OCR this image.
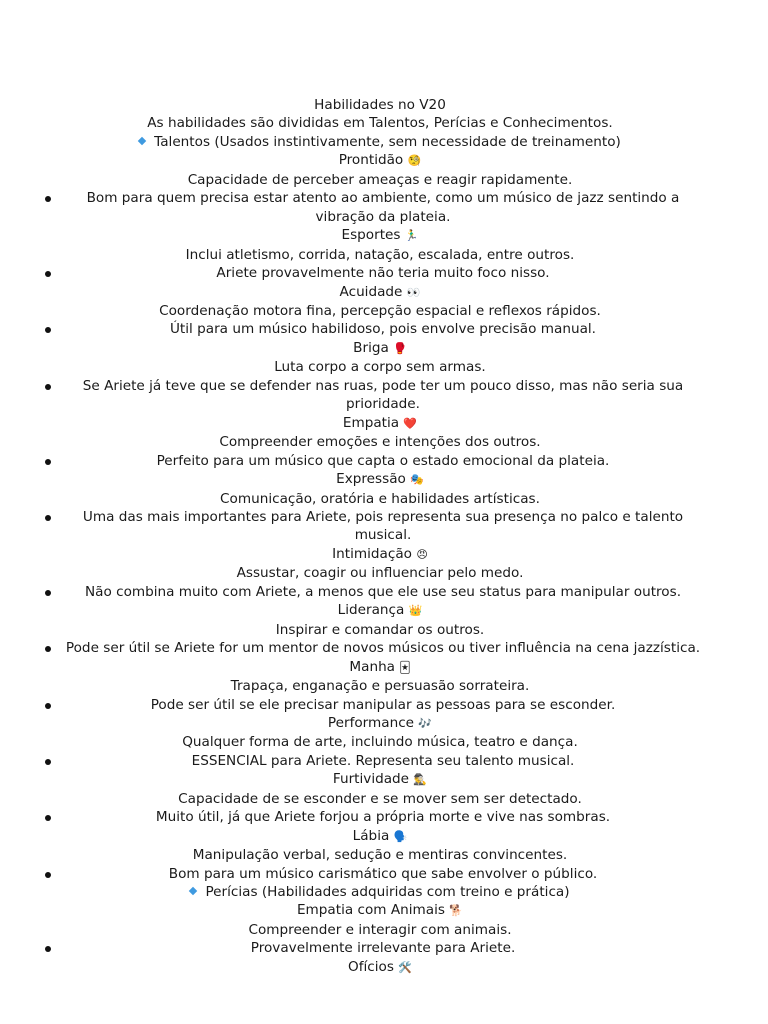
Habilidades no V20
As habilidades são divididas em Talentos, Perícias e Conhecimentos.
Talentos (Usados instintivamente, sem necessidade de treinamento)
Prontidão 🧐
Capacidade de perceber ameaças e reagir rapidamente.
Bom para quem precisa estar atento ao ambiente, como um músico de jazz sentindo a vibração da plateia.
Esportes 🏃‍♂️
Inclui atletismo, corrida, natação, escalada, entre outros.
Ariete provavelmente não teria muito foco nisso.
Acuidade 👀
Coordenação motora fina, percepção espacial e reflexos rápidos.
Útil para um músico habilidoso, pois envolve precisão manual.
Briga 🥊
Luta corpo a corpo sem armas.
Se Ariete já teve que se defender nas ruas, pode ter um pouco disso, mas não seria sua prioridade.
Empatia ❤️
Compreender emoções e intenções dos outros.
Perfeito para um músico que capta o estado emocional da plateia.
Expressão 🎭
Comunicação, oratória e habilidades artísticas.
Uma das mais importantes para Ariete, pois representa sua presença no palco e talento musical.
Intimidação 😠
Assustar, coagir ou influenciar pelo medo.
Não combina muito com Ariete, a menos que ele use seu status para manipular outros.
Liderança 👑
Inspirar e comandar os outros.
Pode ser útil se Ariete for um mentor de novos músicos ou tiver influência na cena jazzística.
Manha 🃏
Trapaça, enganação e persuasão sorrateira.
Pode ser útil se ele precisar manipular as pessoas para se esconder.
Performance 🎶
Qualquer forma de arte, incluindo música, teatro e dança.
ESSENCIAL para Ariete. Representa seu talento musical.
Furtividade 🕵️‍♂️
Capacidade de se esconder e se mover sem ser detectado.
Muito útil, já que Ariete forjou a própria morte e vive nas sombras.
Lábia 🗣️
Manipulação verbal, sedução e mentiras convincentes.
Bom para um músico carismático que sabe envolver o público.
Perícias (Habilidades adquiridas com treino e prática)
Empatia com Animais 🐕
Compreender e interagir com animais.
Provavelmente irrelevante para Ariete.
Ofícios 🛠️
